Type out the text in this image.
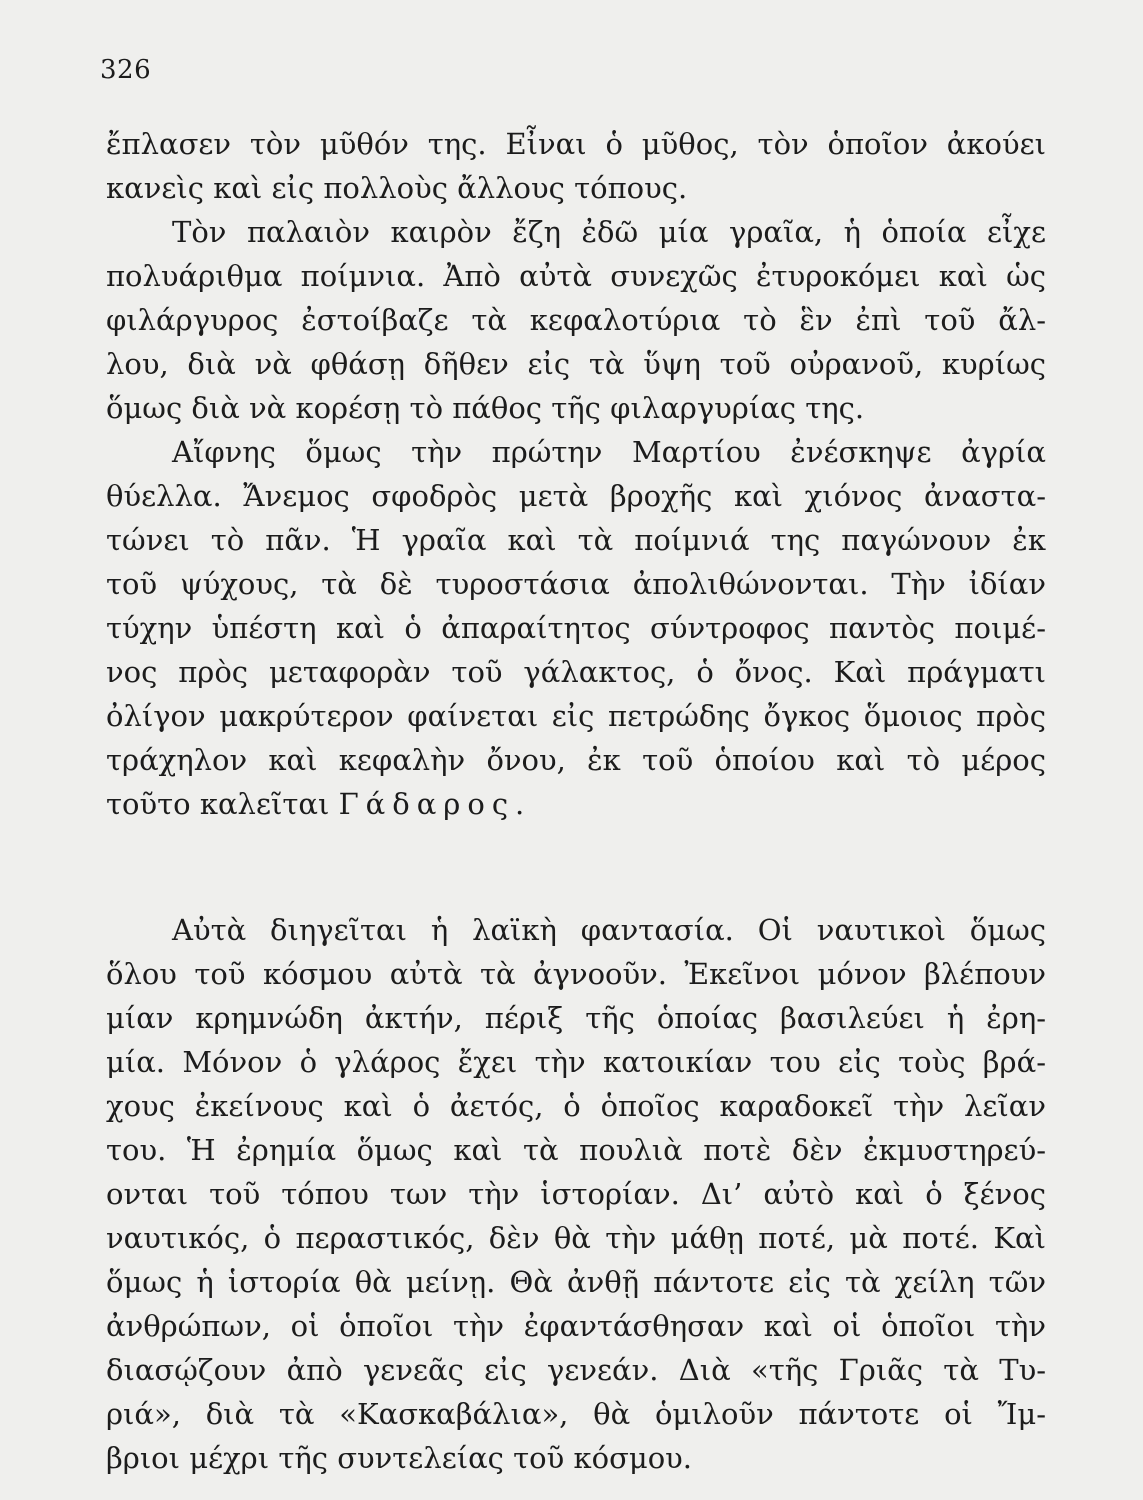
326
ἔπλασεν τὸν μῦθόν της. Εἶναι ὁ μῦθος, τὸν ὁποῖον ἀκούει
κανεὶς καὶ εἰς πολλοὺς ἄλλους τόπους.
Τὸν παλαιὸν καιρὸν ἔζη ἐδῶ μία γραῖα, ἡ ὁποία εἶχε
πολυάριθμα ποίμνια. Ἀπὸ αὐτὰ συνεχῶς ἐτυροκόμει καὶ ὡς
φιλάργυρος ἐστοίβαζε τὰ κεφαλοτύρια τὸ ἓν ἐπὶ τοῦ ἄλ-
λου, διὰ νὰ φθάσῃ δῆθεν εἰς τὰ ὕψη τοῦ οὐρανοῦ, κυρίως
ὅμως διὰ νὰ κορέσῃ τὸ πάθος τῆς φιλαργυρίας της.
Αἴφνης ὅμως τὴν πρώτην Μαρτίου ἐνέσκηψε ἀγρία
θύελλα. Ἄνεμος σφοδρὸς μετὰ βροχῆς καὶ χιόνος ἀναστα-
τώνει τὸ πᾶν. Ἡ γραῖα καὶ τὰ ποίμνιά της παγώνουν ἐκ
τοῦ ψύχους, τὰ δὲ τυροστάσια ἀπολιθώνονται. Τὴν ἰδίαν
τύχην ὑπέστη καὶ ὁ ἀπαραίτητος σύντροφος παντὸς ποιμέ-
νος πρὸς μεταφορὰν τοῦ γάλακτος, ὁ ὄνος. Καὶ πράγματι
ὀλίγον μακρύτερον φαίνεται εἰς πετρώδης ὄγκος ὅμοιος πρὸς
τράχηλον καὶ κεφαλὴν ὄνου, ἐκ τοῦ ὁποίου καὶ τὸ μέρος
τοῦτο καλεῖται Γάδαρος.
Αὐτὰ διηγεῖται ἡ λαϊκὴ φαντασία. Οἱ ναυτικοὶ ὅμως
ὅλου τοῦ κόσμου αὐτὰ τὰ ἀγνοοῦν. Ἐκεῖνοι μόνον βλέπουν
μίαν κρημνώδη ἀκτήν, πέριξ τῆς ὁποίας βασιλεύει ἡ ἐρη-
μία. Μόνον ὁ γλάρος ἔχει τὴν κατοικίαν του εἰς τοὺς βρά-
χους ἐκείνους καὶ ὁ ἀετός, ὁ ὁποῖος καραδοκεῖ τὴν λεῖαν
του. Ἡ ἐρημία ὅμως καὶ τὰ πουλιὰ ποτὲ δὲν ἐκμυστηρεύ-
ονται τοῦ τόπου των τὴν ἱστορίαν. Δι’ αὐτὸ καὶ ὁ ξένος
ναυτικός, ὁ περαστικός, δὲν θὰ τὴν μάθῃ ποτέ, μὰ ποτέ. Καὶ
ὅμως ἡ ἱστορία θὰ μείνῃ. Θὰ ἀνθῇ πάντοτε εἰς τὰ χείλη τῶν
ἀνθρώπων, οἱ ὁποῖοι τὴν ἐφαντάσθησαν καὶ οἱ ὁποῖοι τὴν
διασῴζουν ἀπὸ γενεᾶς εἰς γενεάν. Διὰ «τῆς Γριᾶς τὰ Τυ-
ριά», διὰ τὰ «Κασκαβάλια», θὰ ὁμιλοῦν πάντοτε οἱ Ἴμ-
βριοι μέχρι τῆς συντελείας τοῦ κόσμου.
